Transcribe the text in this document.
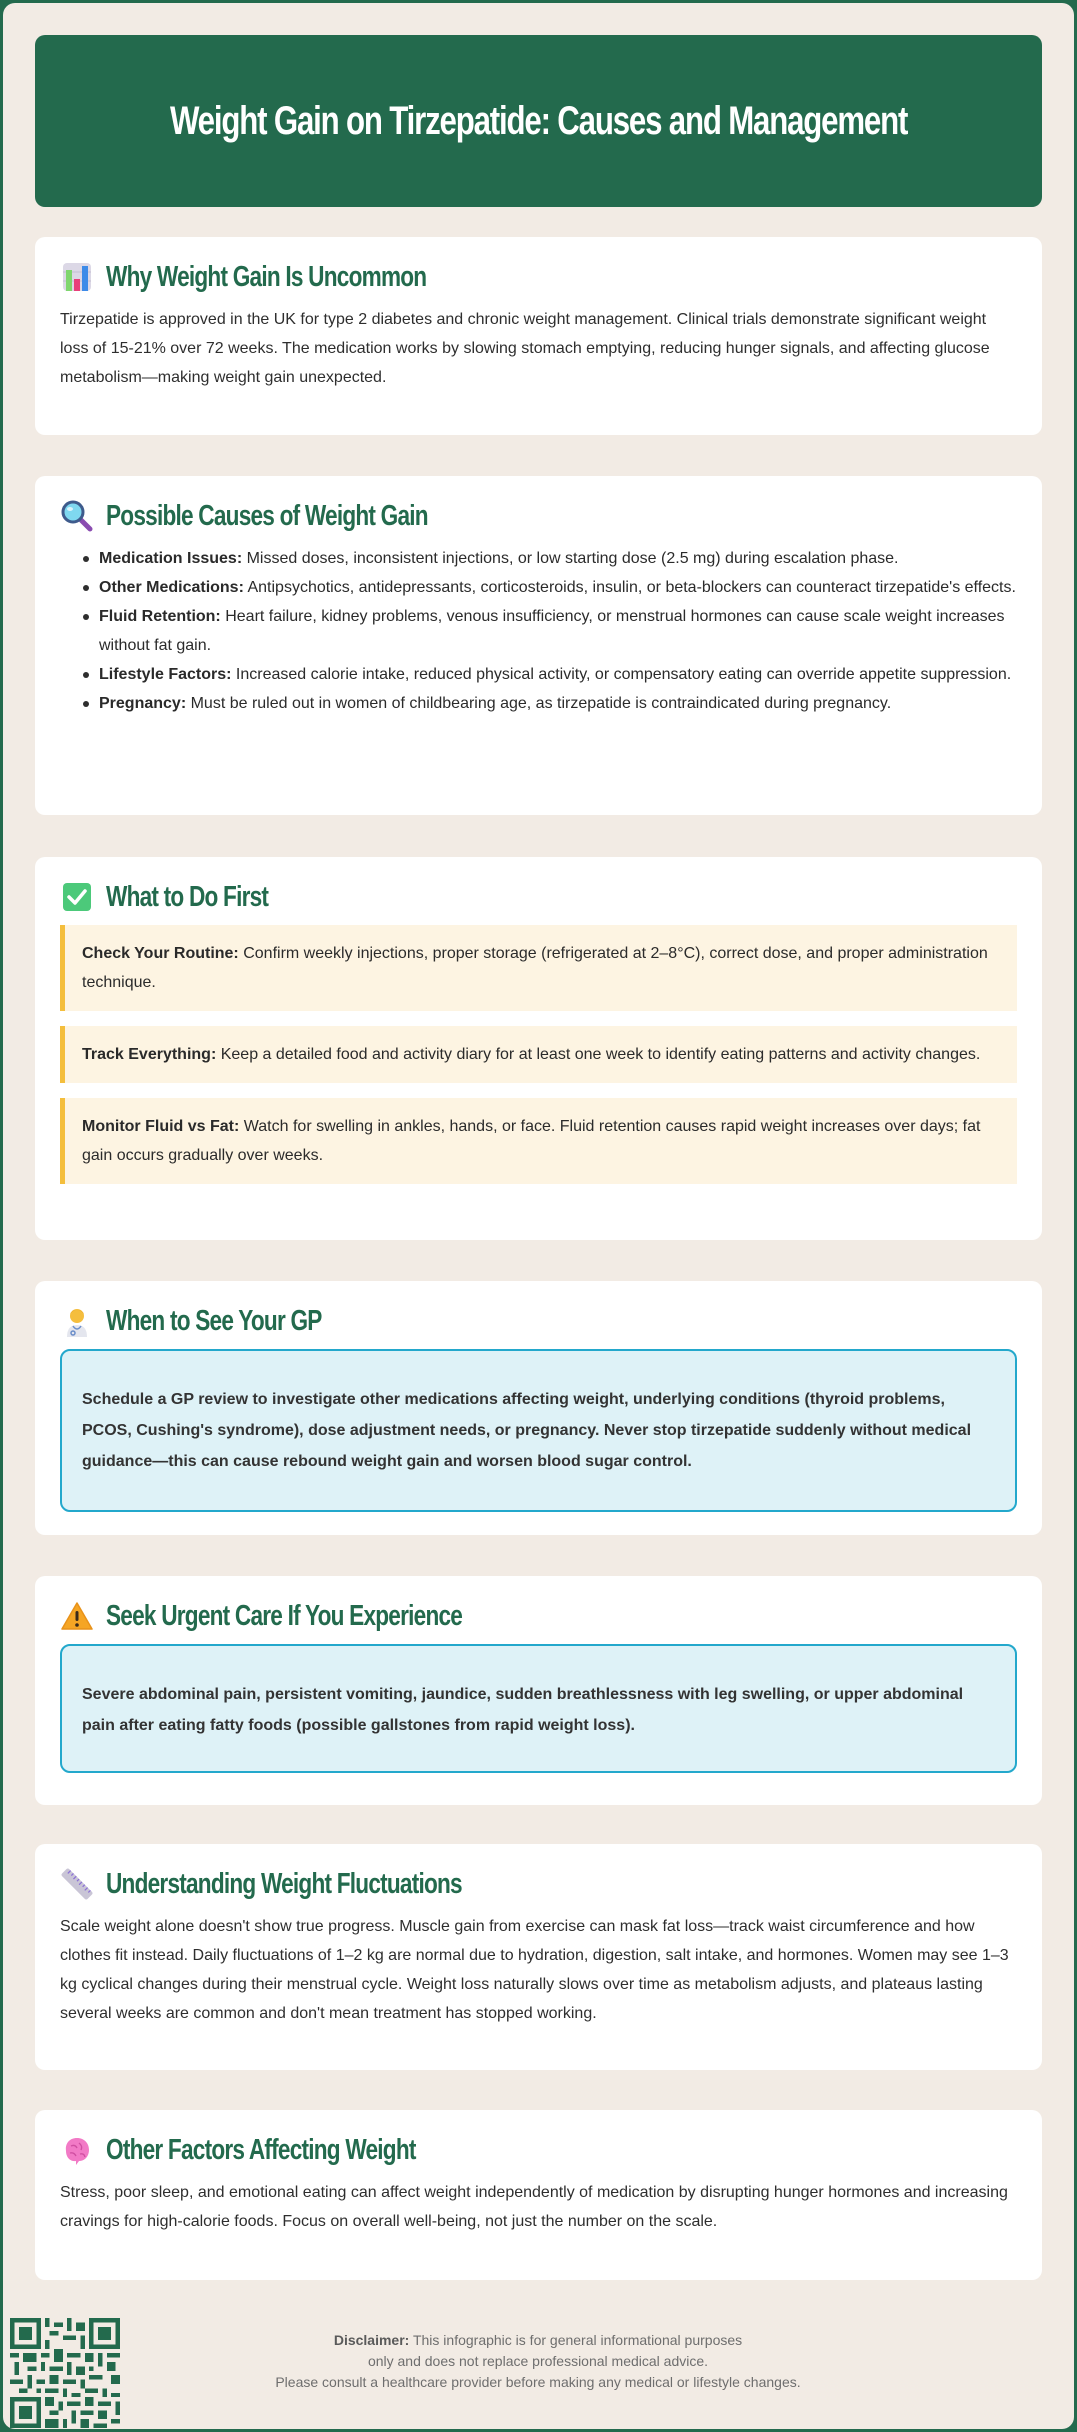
Weight Gain on Tirzepatide: Causes and Management
Why Weight Gain Is Uncommon

Tirzepatide is approved in the UK for type 2 diabetes and chronic weight management. Clinical trials demonstrate significant weight loss of 15-21% over 72 weeks. The medication works by slowing stomach emptying, reducing hunger signals, and affecting glucose metabolism—making weight gain unexpected.

Possible Causes of Weight Gain
Medication Issues: Missed doses, inconsistent injections, or low starting dose (2.5 mg) during escalation phase.
Other Medications: Antipsychotics, antidepressants, corticosteroids, insulin, or beta-blockers can counteract tirzepatide's effects.
Fluid Retention: Heart failure, kidney problems, venous insufficiency, or menstrual hormones can cause scale weight increases without fat gain.
Lifestyle Factors: Increased calorie intake, reduced physical activity, or compensatory eating can override appetite suppression.
Pregnancy: Must be ruled out in women of childbearing age, as tirzepatide is contraindicated during pregnancy.
What to Do First
Check Your Routine: Confirm weekly injections, proper storage (refrigerated at 2–8°C), correct dose, and proper administration technique.
Track Everything: Keep a detailed food and activity diary for at least one week to identify eating patterns and activity changes.
Monitor Fluid vs Fat: Watch for swelling in ankles, hands, or face. Fluid retention causes rapid weight increases over days; fat gain occurs gradually over weeks.
When to See Your GP
Schedule a GP review to investigate other medications affecting weight, underlying conditions (thyroid problems, PCOS, Cushing's syndrome), dose adjustment needs, or pregnancy. Never stop tirzepatide suddenly without medical guidance—this can cause rebound weight gain and worsen blood sugar control.
Seek Urgent Care If You Experience
Severe abdominal pain, persistent vomiting, jaundice, sudden breathlessness with leg swelling, or upper abdominal pain after eating fatty foods (possible gallstones from rapid weight loss).
Understanding Weight Fluctuations

Scale weight alone doesn't show true progress. Muscle gain from exercise can mask fat loss—track waist circumference and how clothes fit instead. Daily fluctuations of 1–2 kg are normal due to hydration, digestion, salt intake, and hormones. Women may see 1–3 kg cyclical changes during their menstrual cycle. Weight loss naturally slows over time as metabolism adjusts, and plateaus lasting several weeks are common and don't mean treatment has stopped working.

Other Factors Affecting Weight

Stress, poor sleep, and emotional eating can affect weight independently of medication by disrupting hunger hormones and increasing cravings for high-calorie foods. Focus on overall well-being, not just the number on the scale.

Disclaimer: This infographic is for general informational purposes
only and does not replace professional medical advice.
Please consult a healthcare provider before making any medical or lifestyle changes.
